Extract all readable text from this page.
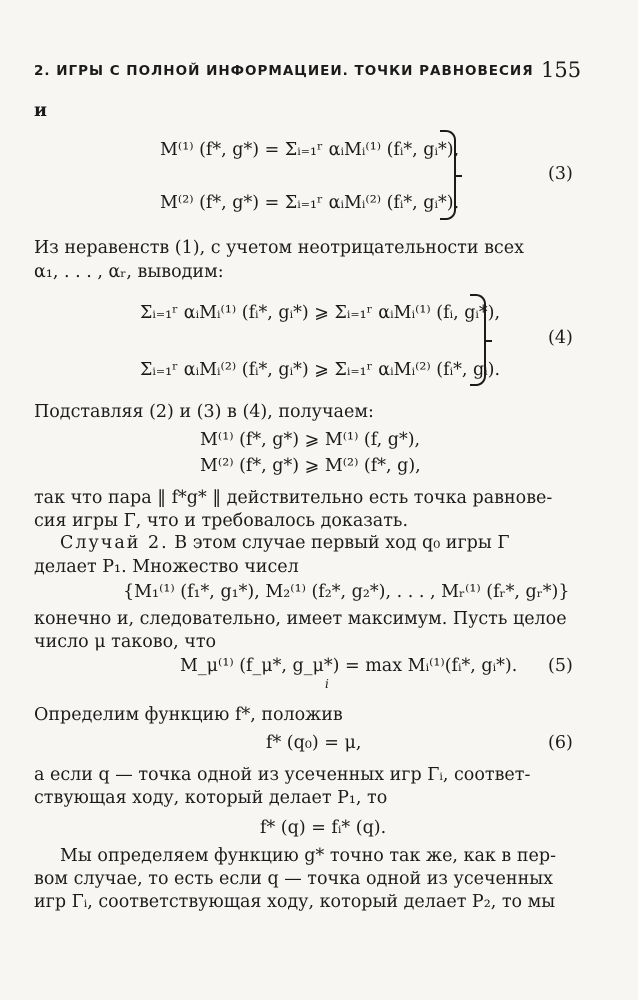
2. ИГРЫ С ПОЛНОЙ ИНФОРМАЦИЕИ. ТОЧКИ РАВНОВЕСИЯ 155
и
M⁽¹⁾ (f*, g*) = Σᵢ₌₁ʳ αᵢMᵢ⁽¹⁾ (fᵢ*, gᵢ*),
M⁽²⁾ (f*, g*) = Σᵢ₌₁ʳ αᵢMᵢ⁽²⁾ (fᵢ*, gᵢ*).
(3)
Из неравенств (1), с учетом неотрицательности всех
α₁, . . . , αᵣ, выводим:
Σᵢ₌₁ʳ αᵢMᵢ⁽¹⁾ (fᵢ*, gᵢ*) ⩾ Σᵢ₌₁ʳ αᵢMᵢ⁽¹⁾ (fᵢ, gᵢ*),
Σᵢ₌₁ʳ αᵢMᵢ⁽²⁾ (fᵢ*, gᵢ*) ⩾ Σᵢ₌₁ʳ αᵢMᵢ⁽²⁾ (fᵢ*, gᵢ).
(4)
Подставляя (2) и (3) в (4), получаем:
M⁽¹⁾ (f*, g*) ⩾ M⁽¹⁾ (f, g*),
M⁽²⁾ (f*, g*) ⩾ M⁽²⁾ (f*, g),
так что пара ‖ f*g* ‖ действительно есть точка равнове-
сия игры Γ, что и требовалось доказать.
Случай 2. В этом случае первый ход q₀ игры Γ
делает P₁. Множество чисел
{M₁⁽¹⁾ (f₁*, g₁*), M₂⁽¹⁾ (f₂*, g₂*), . . . , Mᵣ⁽¹⁾ (fᵣ*, gᵣ*)}
конечно и, следовательно, имеет максимум. Пусть целое
число μ таково, что
M_μ⁽¹⁾ (f_μ*, g_μ*) = max Mᵢ⁽¹⁾(fᵢ*, gᵢ*).
i
(5)
Определим функцию f*, положив
f* (q₀) = μ,	(6)
а если q — точка одной из усеченных игр Γᵢ, соответ-
ствующая ходу, который делает P₁, то
f* (q) = fᵢ* (q).
Мы определяем функцию g* точно так же, как в пер-
вом случае, то есть если q — точка одной из усеченных
игр Γᵢ, соответствующая ходу, который делает P₂, то мы
